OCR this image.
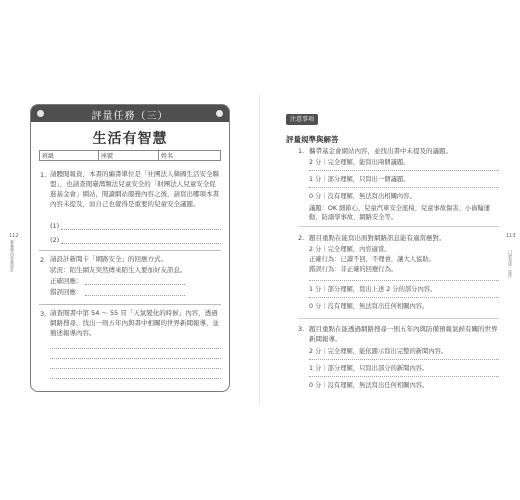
素養導向評量設計
112
評量任務（三）
生活有智慧
班級	座號	姓名
1. 請體閱報資，本書的編書單位是「社團法人韓國生活安全聯盟」，也請查閱臺灣類法兒童安全的「財團法人兒童安全促進基金會」網站，閱讀網站服務內容之後，請寫出哪項本書內容未提及，而自己也覺得是重要的兒童安全議題。
(1)
(2)
2. 請設計新聞卡「網路安全」的回應方式。
狀況：陌生網友突然傳來陌生人要加好友訊息。
正確回應：
錯誤回應：
3. 請查閱書中第 54 ～ 55 頁「天氣變化的時候」內容，透過網路搜尋，找出一則五年內與書中相關的世界新聞報導，並簡述報導內容。
口語表達・寫作
113
注意事項
評量規準與解答
1. 攜帶基金會網站內容，並找出書中未提及的議題。
2 分｜完全理解，能寫出兩個議題。
1 分｜部分理解，只寫出一個議題。
0 分｜沒有理解，無法寫出相關內容。
議題：OK 細節心、兒童汽車安全座椅、兒童事故傷害、小齒輪運動、防溺學事故、網路安全等。
2. 題目重點在能寫出面對網路訊息能有適當應對。
2 分｜完全理解，內容適當。
正確行為：已讀不回，不理會，讓大人協助。
錯誤行為：非正確的回應行為。
1 分｜部分理解，寫出上述 2 分的部分內容。
0 分｜沒有理解，無法寫出任何相關內容。
3. 題目重點在能透過網路搜尋一則五年內與防備預報氣候有關的世界新聞報導。
2 分｜完全理解，能依題示寫出完整的新聞內容。
1 分｜部分理解，只寫出部分的新聞內容。
0 分｜沒有理解，無法寫出任何相關內容。
